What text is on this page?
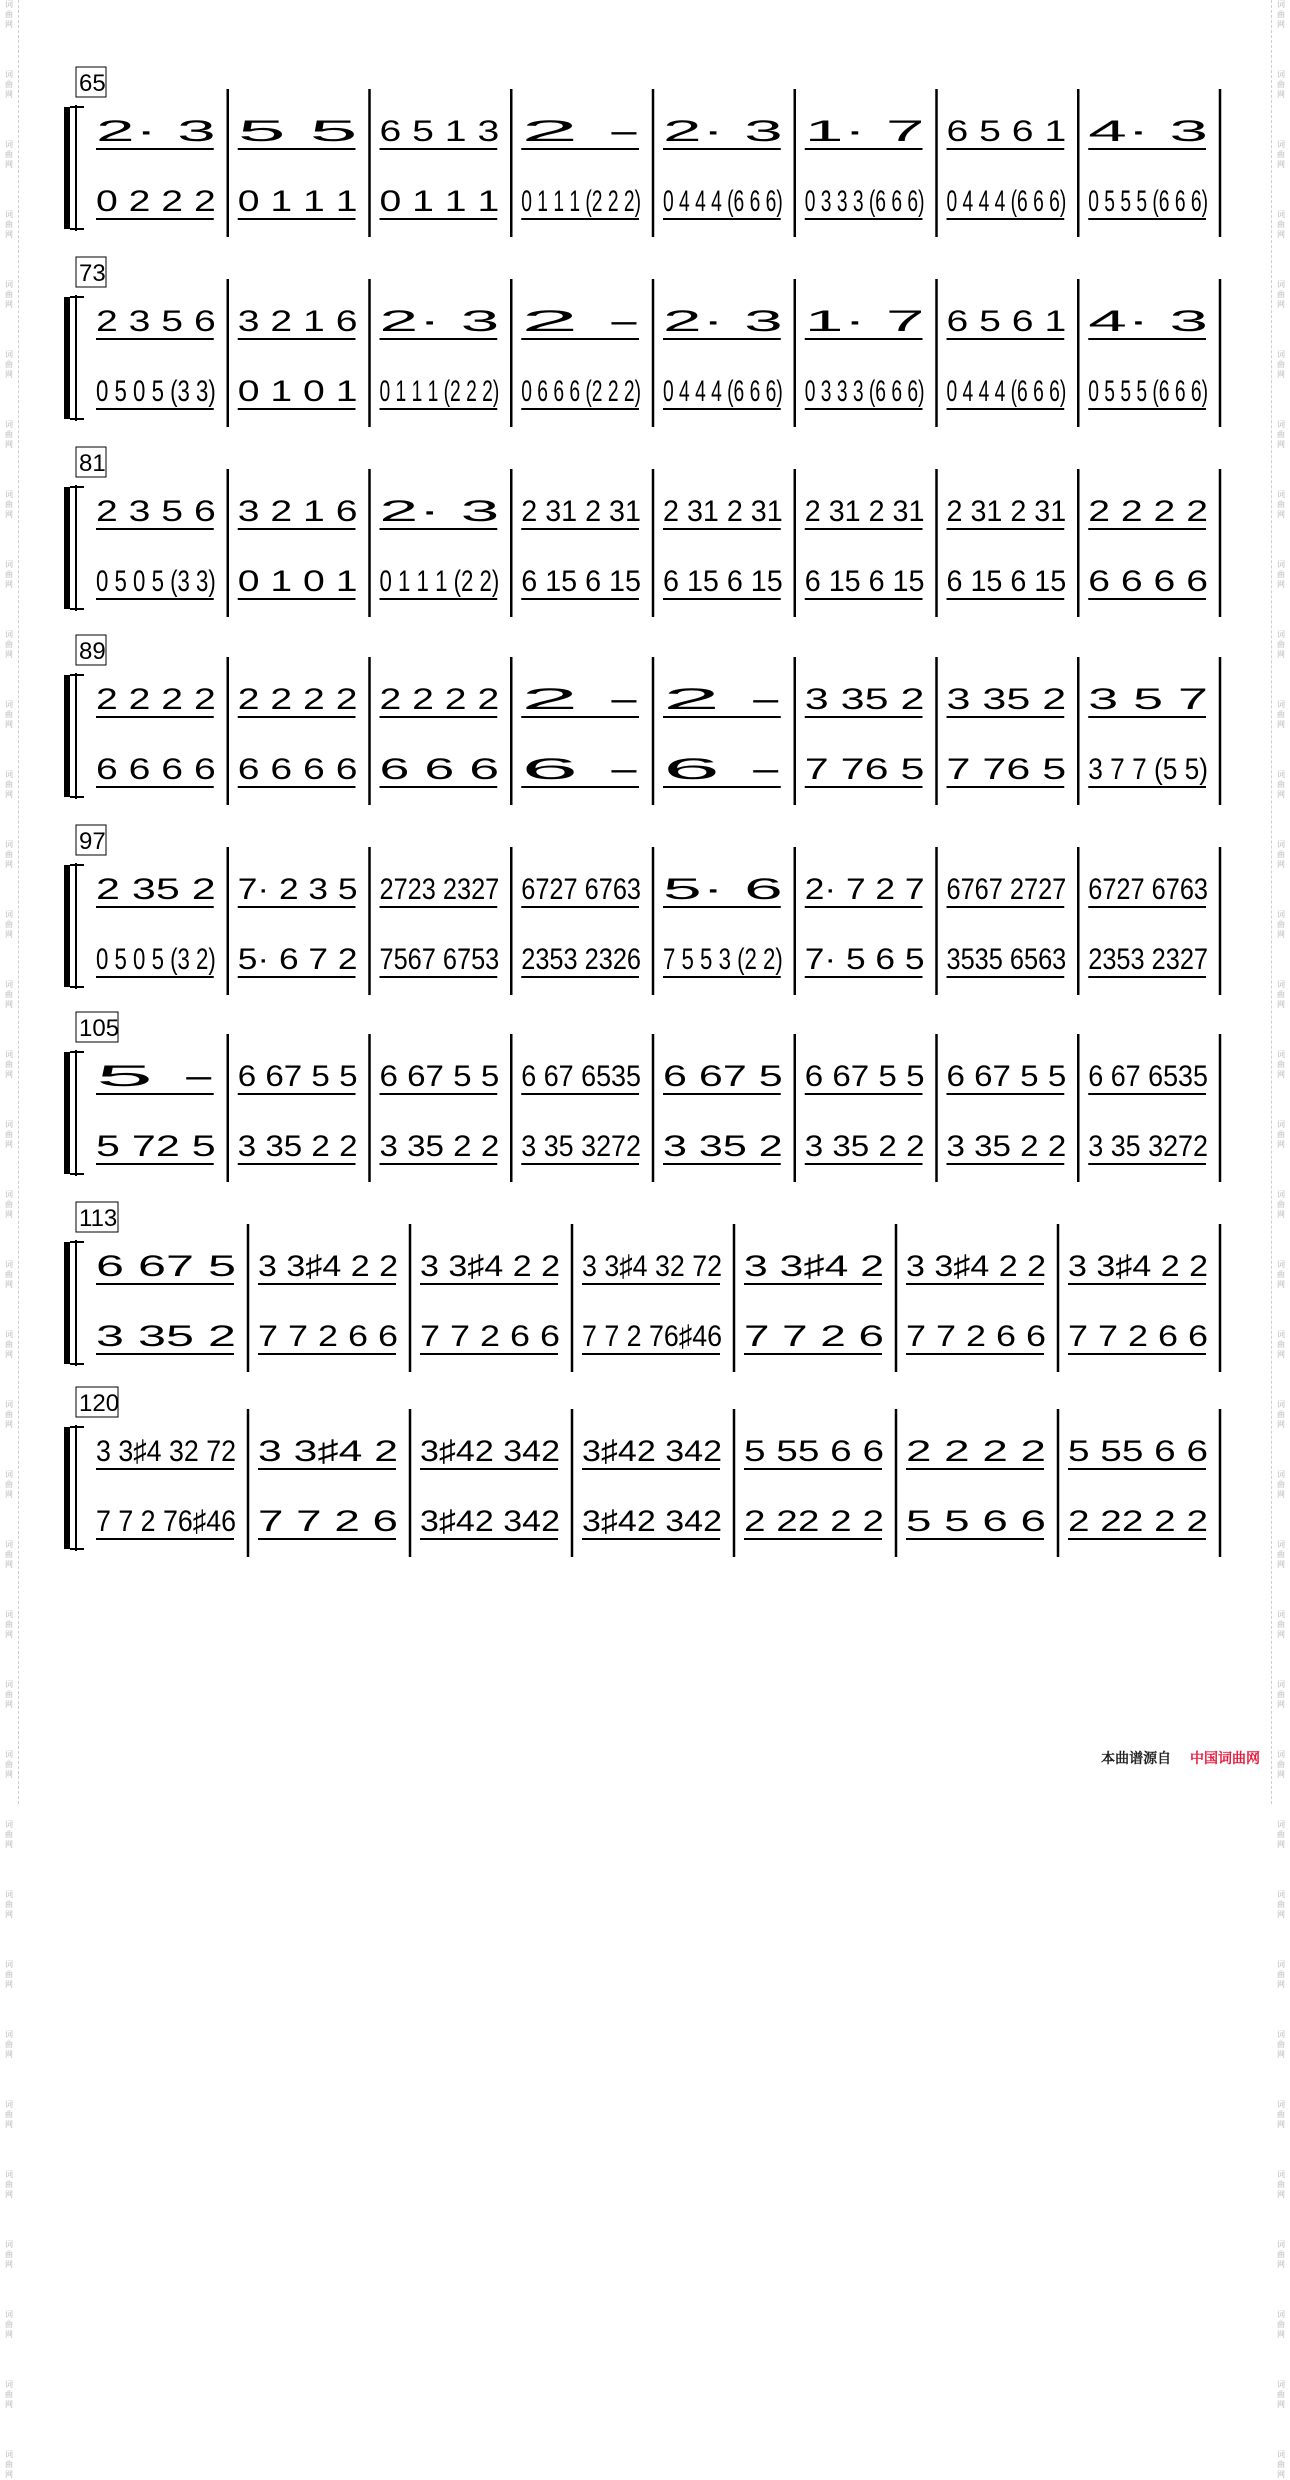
词
曲
网
词
曲
网
词
曲
网
词
曲
网
词
曲
网
词
曲
网
词
曲
网
词
曲
网
词
曲
网
词
曲
网
词
曲
网
词
曲
网
词
曲
网
词
曲
网
词
曲
网
词
曲
网
词
曲
网
词
曲
网
词
曲
网
词
曲
网
词
曲
网
词
曲
网
词
曲
网
词
曲
网
词
曲
网
词
曲
网
词
曲
网
词
曲
网
词
曲
网
词
曲
网
词
曲
网
词
曲
网
词
曲
网
词
曲
网
词
曲
网
词
曲
网
词
曲
网
词
曲
网
词
曲
网
词
曲
网
词
曲
网
词
曲
网
词
曲
网
词
曲
网
词
曲
网
词
曲
网
词
曲
网
词
曲
网
词
曲
网
词
曲
网
词
曲
网
词
曲
网
词
曲
网
词
曲
网
词
曲
网
词
曲
网
词
曲
网
词
曲
网
词
曲
网
词
曲
网
词
曲
网
词
曲
网
词
曲
网
词
曲
网
词
曲
网
词
曲
网
词
曲
网
词
曲
网
词
曲
网
词
曲
网
词
曲
网
词
曲
网
65
2· 3
0 2 2 2
5 5
0 1 1 1
6 5 1 3
0 1 1 1
2 -
0 1 1 1 (2 2 2)
2· 3
0 4 4 4 (6 6 6)
1· 7
0 3 3 3 (6 6 6)
6 5 6 1
0 4 4 4 (6 6 6)
4· 3
0 5 5 5 (6 6 6)
73
2 3 5 6
0 5 0 5 (3 3)
3 2 1 6
0 1 0 1
2· 3
0 1 1 1 (2 2 2)
2 -
0 6 6 6 (2 2 2)
2· 3
0 4 4 4 (6 6 6)
1· 7
0 3 3 3 (6 6 6)
6 5 6 1
0 4 4 4 (6 6 6)
4· 3
0 5 5 5 (6 6 6)
81
2 3 5 6
0 5 0 5 (3 3)
3 2 1 6
0 1 0 1
2· 3
0 1 1 1 (2 2)
2 31 2 31
6 15 6 15
2 31 2 31
6 15 6 15
2 31 2 31
6 15 6 15
2 31 2 31
6 15 6 15
2 2 2 2
6 6 6 6
89
2 2 2 2
6 6 6 6
2 2 2 2
6 6 6 6
2 2 2 2
6 6 6
2 -
6 -
2 -
6 -
3 35 2
7 76 5
3 35 2
7 76 5
3 5 7
3 7 7 (5 5)
97
2 35 2
0 5 0 5 (3 2)
7· 2 3 5
5· 6 7 2
2723 2327
7567 6753
6727 6763
2353 2326
5· 6
7 5 5 3 (2 2)
2· 7 2 7
7· 5 6 5
6767 2727
3535 6563
6727 6763
2353 2327
105
5 -
5 72 5
6 67 5 5
3 35 2 2
6 67 5 5
3 35 2 2
6 67 6535
3 35 3272
6 67 5
3 35 2
6 67 5 5
3 35 2 2
6 67 5 5
3 35 2 2
6 67 6535
3 35 3272
113
6 67 5
3 35 2
3 3♯4 2 2
7 7 2 6 6
3 3♯4 2 2
7 7 2 6 6
3 3♯4 32 72
7 7 2 76♯46
3 3♯4 2
7 7 2 6
3 3♯4 2 2
7 7 2 6 6
3 3♯4 2 2
7 7 2 6 6
120
3 3♯4 32 72
7 7 2 76♯46
3 3♯4 2
7 7 2 6
3♯42 342
3♯42 342
3♯42 342
3♯42 342
5 55 6 6
2 22 2 2
2 2 2 2
5 5 6 6
5 55 6 6
2 22 2 2
本曲谱源自 中国词曲网
